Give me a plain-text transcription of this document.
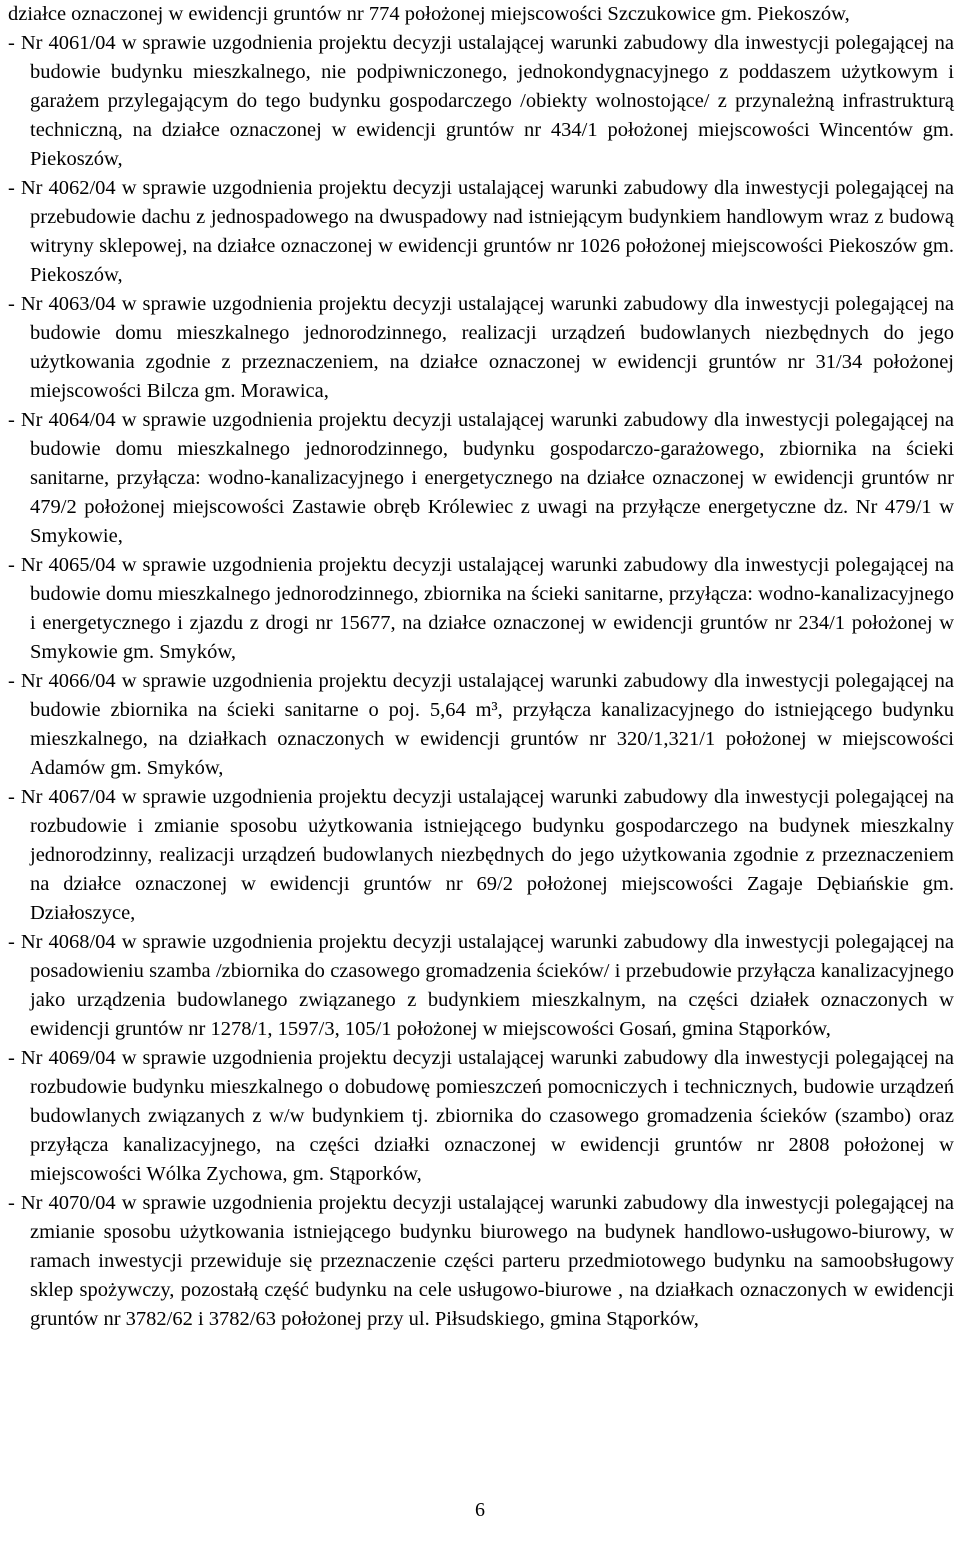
działce oznaczonej w ewidencji gruntów nr 774 położonej miejscowości Szczukowice gm. Piekoszów,

- Nr 4061/04 w sprawie uzgodnienia projektu decyzji ustalającej warunki zabudowy dla inwestycji polegającej na budowie budynku mieszkalnego, nie podpiwniczonego, jednokondygnacyjnego z poddaszem użytkowym i garażem przylegającym do tego budynku gospodarczego /obiekty wolnostojące/ z przynależną infrastrukturą techniczną, na działce oznaczonej w ewidencji gruntów nr 434/1 położonej miejscowości Wincentów gm. Piekoszów,

- Nr 4062/04 w sprawie uzgodnienia projektu decyzji ustalającej warunki zabudowy dla inwestycji polegającej na przebudowie dachu z jednospadowego na dwuspadowy nad istniejącym budynkiem handlowym wraz z budową witryny sklepowej, na działce oznaczonej w ewidencji gruntów nr 1026 położonej miejscowości Piekoszów gm. Piekoszów,

- Nr 4063/04 w sprawie uzgodnienia projektu decyzji ustalającej warunki zabudowy dla inwestycji polegającej na budowie domu mieszkalnego jednorodzinnego, realizacji urządzeń budowlanych niezbędnych do jego użytkowania zgodnie z przeznaczeniem, na działce oznaczonej w ewidencji gruntów nr 31/34 położonej miejscowości Bilcza gm. Morawica,

- Nr 4064/04 w sprawie uzgodnienia projektu decyzji ustalającej warunki zabudowy dla inwestycji polegającej na budowie domu mieszkalnego jednorodzinnego, budynku gospodarczo-garażowego, zbiornika na ścieki sanitarne, przyłącza: wodno-kanalizacyjnego i energetycznego na działce oznaczonej w ewidencji gruntów nr 479/2 położonej miejscowości Zastawie obręb Królewiec z uwagi na przyłącze energetyczne dz. Nr 479/1 w Smykowie,

- Nr 4065/04 w sprawie uzgodnienia projektu decyzji ustalającej warunki zabudowy dla inwestycji polegającej na budowie domu mieszkalnego jednorodzinnego, zbiornika na ścieki sanitarne, przyłącza: wodno-kanalizacyjnego i energetycznego i zjazdu z drogi nr 15677, na działce oznaczonej w ewidencji gruntów nr 234/1 położonej w Smykowie gm. Smyków,

- Nr 4066/04 w sprawie uzgodnienia projektu decyzji ustalającej warunki zabudowy dla inwestycji polegającej na budowie zbiornika na ścieki sanitarne o poj. 5,64 m³, przyłącza kanalizacyjnego do istniejącego budynku mieszkalnego, na działkach oznaczonych w ewidencji gruntów nr 320/1,321/1 położonej w miejscowości Adamów gm. Smyków,

- Nr 4067/04 w sprawie uzgodnienia projektu decyzji ustalającej warunki zabudowy dla inwestycji polegającej na rozbudowie i zmianie sposobu użytkowania istniejącego budynku gospodarczego na budynek mieszkalny jednorodzinny, realizacji urządzeń budowlanych niezbędnych do jego użytkowania zgodnie z przeznaczeniem na działce oznaczonej w ewidencji gruntów nr 69/2 położonej miejscowości Zagaje Dębiańskie gm. Działoszyce,

- Nr 4068/04 w sprawie uzgodnienia projektu decyzji ustalającej warunki zabudowy dla inwestycji polegającej na posadowieniu szamba /zbiornika do czasowego gromadzenia ścieków/ i przebudowie przyłącza kanalizacyjnego jako urządzenia budowlanego związanego z budynkiem mieszkalnym, na części działek oznaczonych w ewidencji gruntów nr 1278/1, 1597/3, 105/1 położonej w miejscowości Gosań, gmina Stąporków,

- Nr 4069/04 w sprawie uzgodnienia projektu decyzji ustalającej warunki zabudowy dla inwestycji polegającej na rozbudowie budynku mieszkalnego o dobudowę pomieszczeń pomocniczych i technicznych, budowie urządzeń budowlanych związanych z w/w budynkiem tj. zbiornika do czasowego gromadzenia ścieków (szambo) oraz przyłącza kanalizacyjnego, na części działki oznaczonej w ewidencji gruntów nr 2808 położonej w miejscowości Wólka Zychowa, gm. Stąporków,

- Nr 4070/04 w sprawie uzgodnienia projektu decyzji ustalającej warunki zabudowy dla inwestycji polegającej na zmianie sposobu użytkowania istniejącego budynku biurowego na budynek handlowo-usługowo-biurowy, w ramach inwestycji przewiduje się przeznaczenie części parteru przedmiotowego budynku na samoobsługowy sklep spożywczy, pozostałą część budynku na cele usługowo-biurowe , na działkach oznaczonych w ewidencji gruntów nr 3782/62 i 3782/63 położonej przy ul. Piłsudskiego, gmina Stąporków,

6
